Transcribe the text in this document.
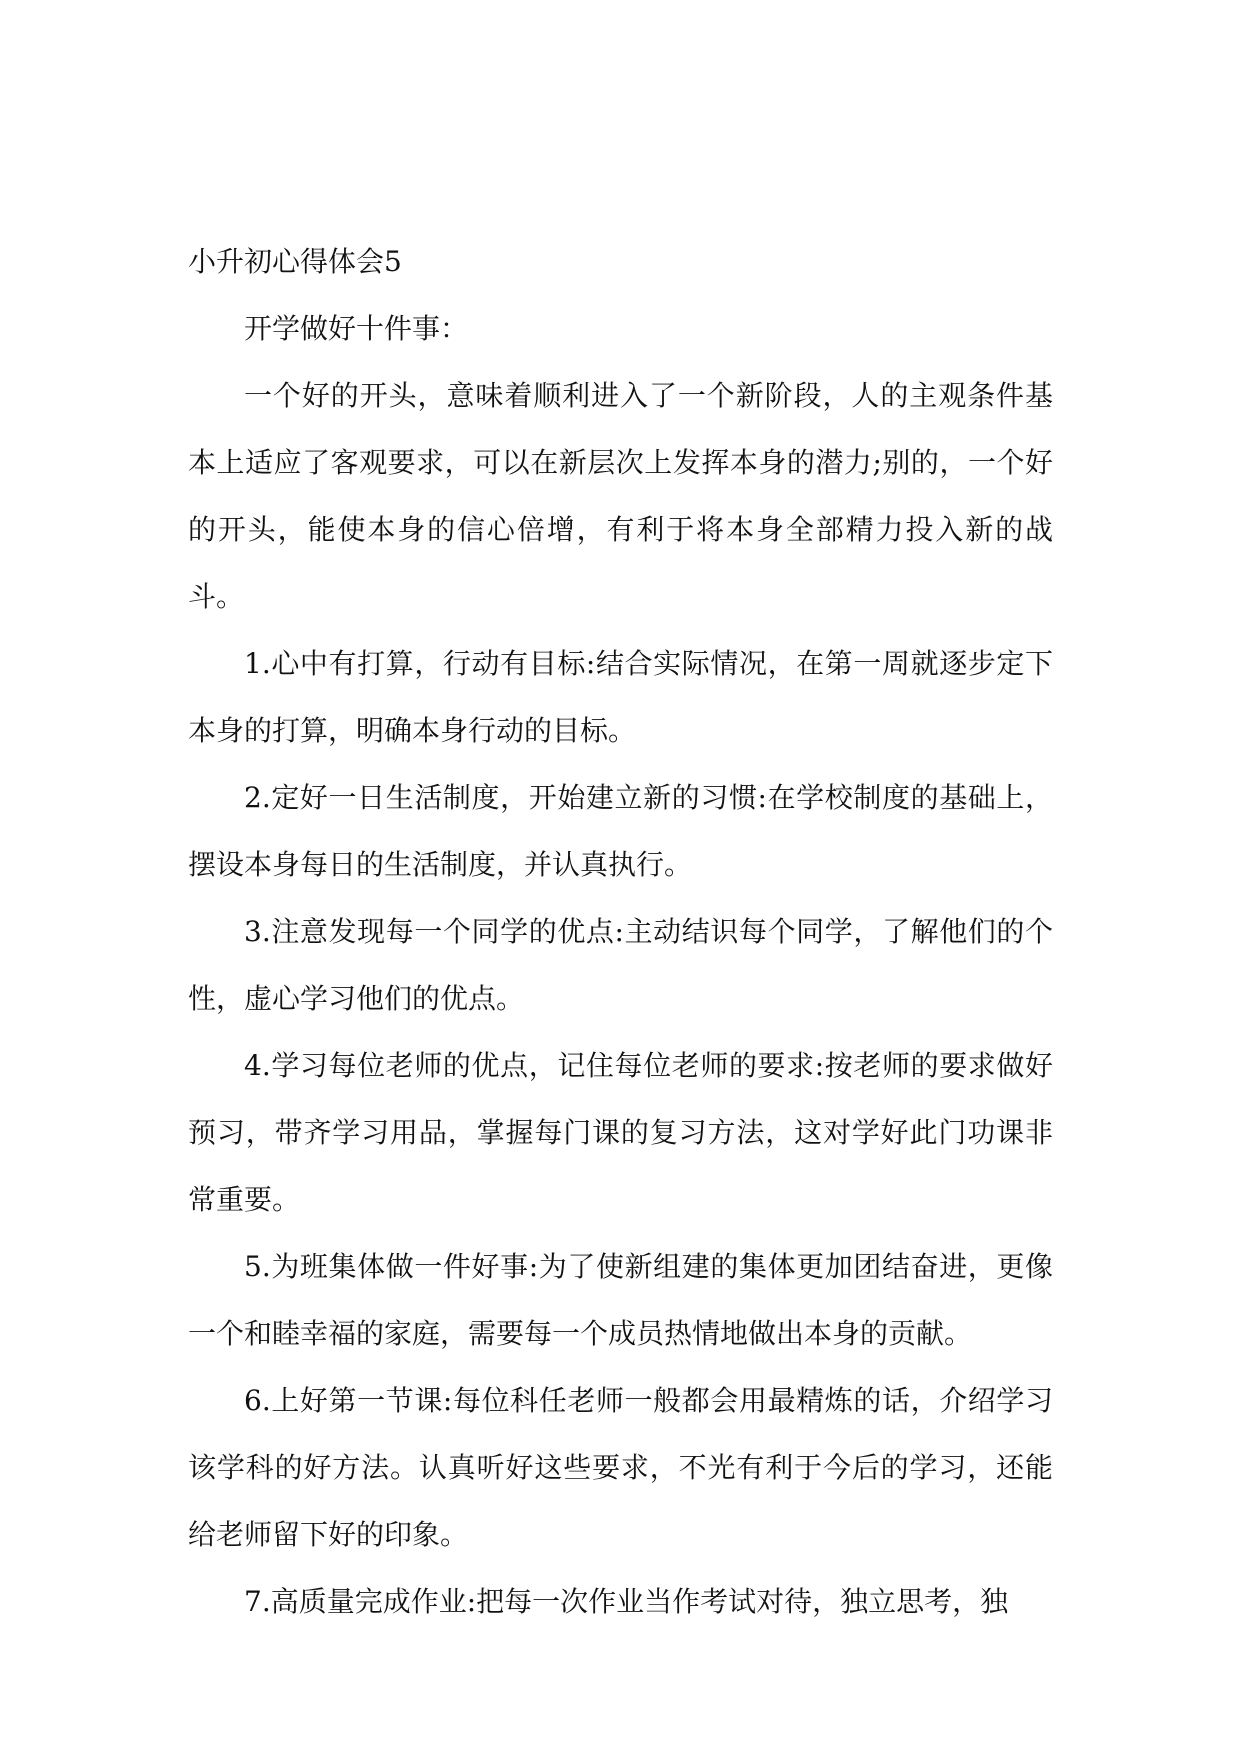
小升初心得体会5

开学做好十件事：

一个好的开头，意味着顺利进入了一个新阶段，人的主观条件基本上适应了客观要求，可以在新层次上发挥本身的潜力;别的，一个好的开头，能使本身的信心倍增，有利于将本身全部精力投入新的战斗。

1.心中有打算，行动有目标:结合实际情况，在第一周就逐步定下本身的打算，明确本身行动的目标。

2.定好一日生活制度，开始建立新的习惯:在学校制度的基础上，摆设本身每日的生活制度，并认真执行。

3.注意发现每一个同学的优点:主动结识每个同学，了解他们的个性，虚心学习他们的优点。

4.学习每位老师的优点，记住每位老师的要求:按老师的要求做好预习，带齐学习用品，掌握每门课的复习方法，这对学好此门功课非常重要。

5.为班集体做一件好事:为了使新组建的集体更加团结奋进，更像一个和睦幸福的家庭，需要每一个成员热情地做出本身的贡献。

6.上好第一节课:每位科任老师一般都会用最精炼的话，介绍学习该学科的好方法。认真听好这些要求，不光有利于今后的学习，还能给老师留下好的印象。

7.高质量完成作业:把每一次作业当作考试对待，独立思考，独
